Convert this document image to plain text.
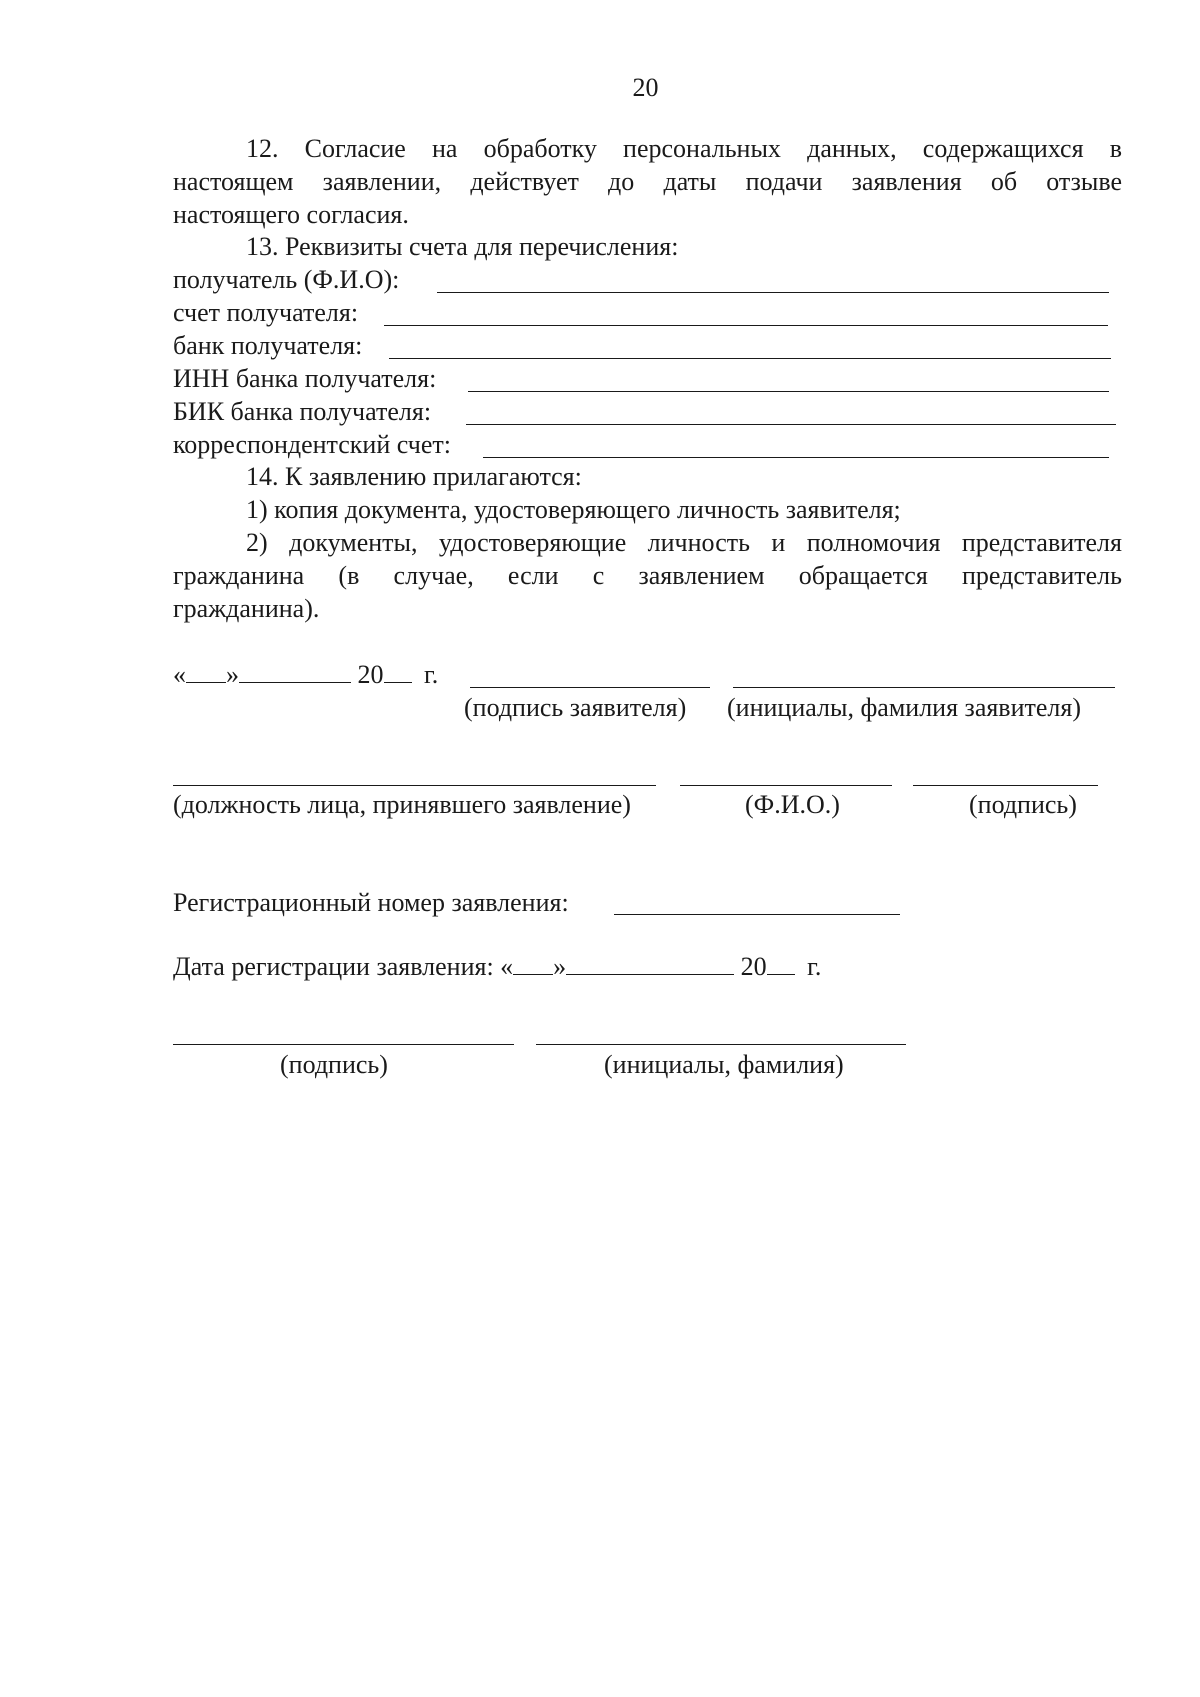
20
12. Согласие на обработку персональных данных, содержащихся в
настоящем заявлении, действует до даты подачи заявления об отзыве
настоящего согласия.
13. Реквизиты счета для перечисления:
получатель (Ф.И.О):
счет получателя:
банк получателя:
ИНН банка получателя:
БИК банка получателя:
корреспондентский счет:
14. К заявлению прилагаются:
1) копия документа, удостоверяющего личность заявителя;
2) документы, удостоверяющие личность и полномочия представителя
гражданина (в случае, если с заявлением обращается представитель
гражданина).
« »	20 г.
(подпись заявителя) (инициалы, фамилия заявителя)
(должность лица, принявшего заявление)	(Ф.И.О.)	(подпись)
Регистрационный номер заявления:
Дата регистрации заявления: « »	20 г.
(подпись)	(инициалы, фамилия)
